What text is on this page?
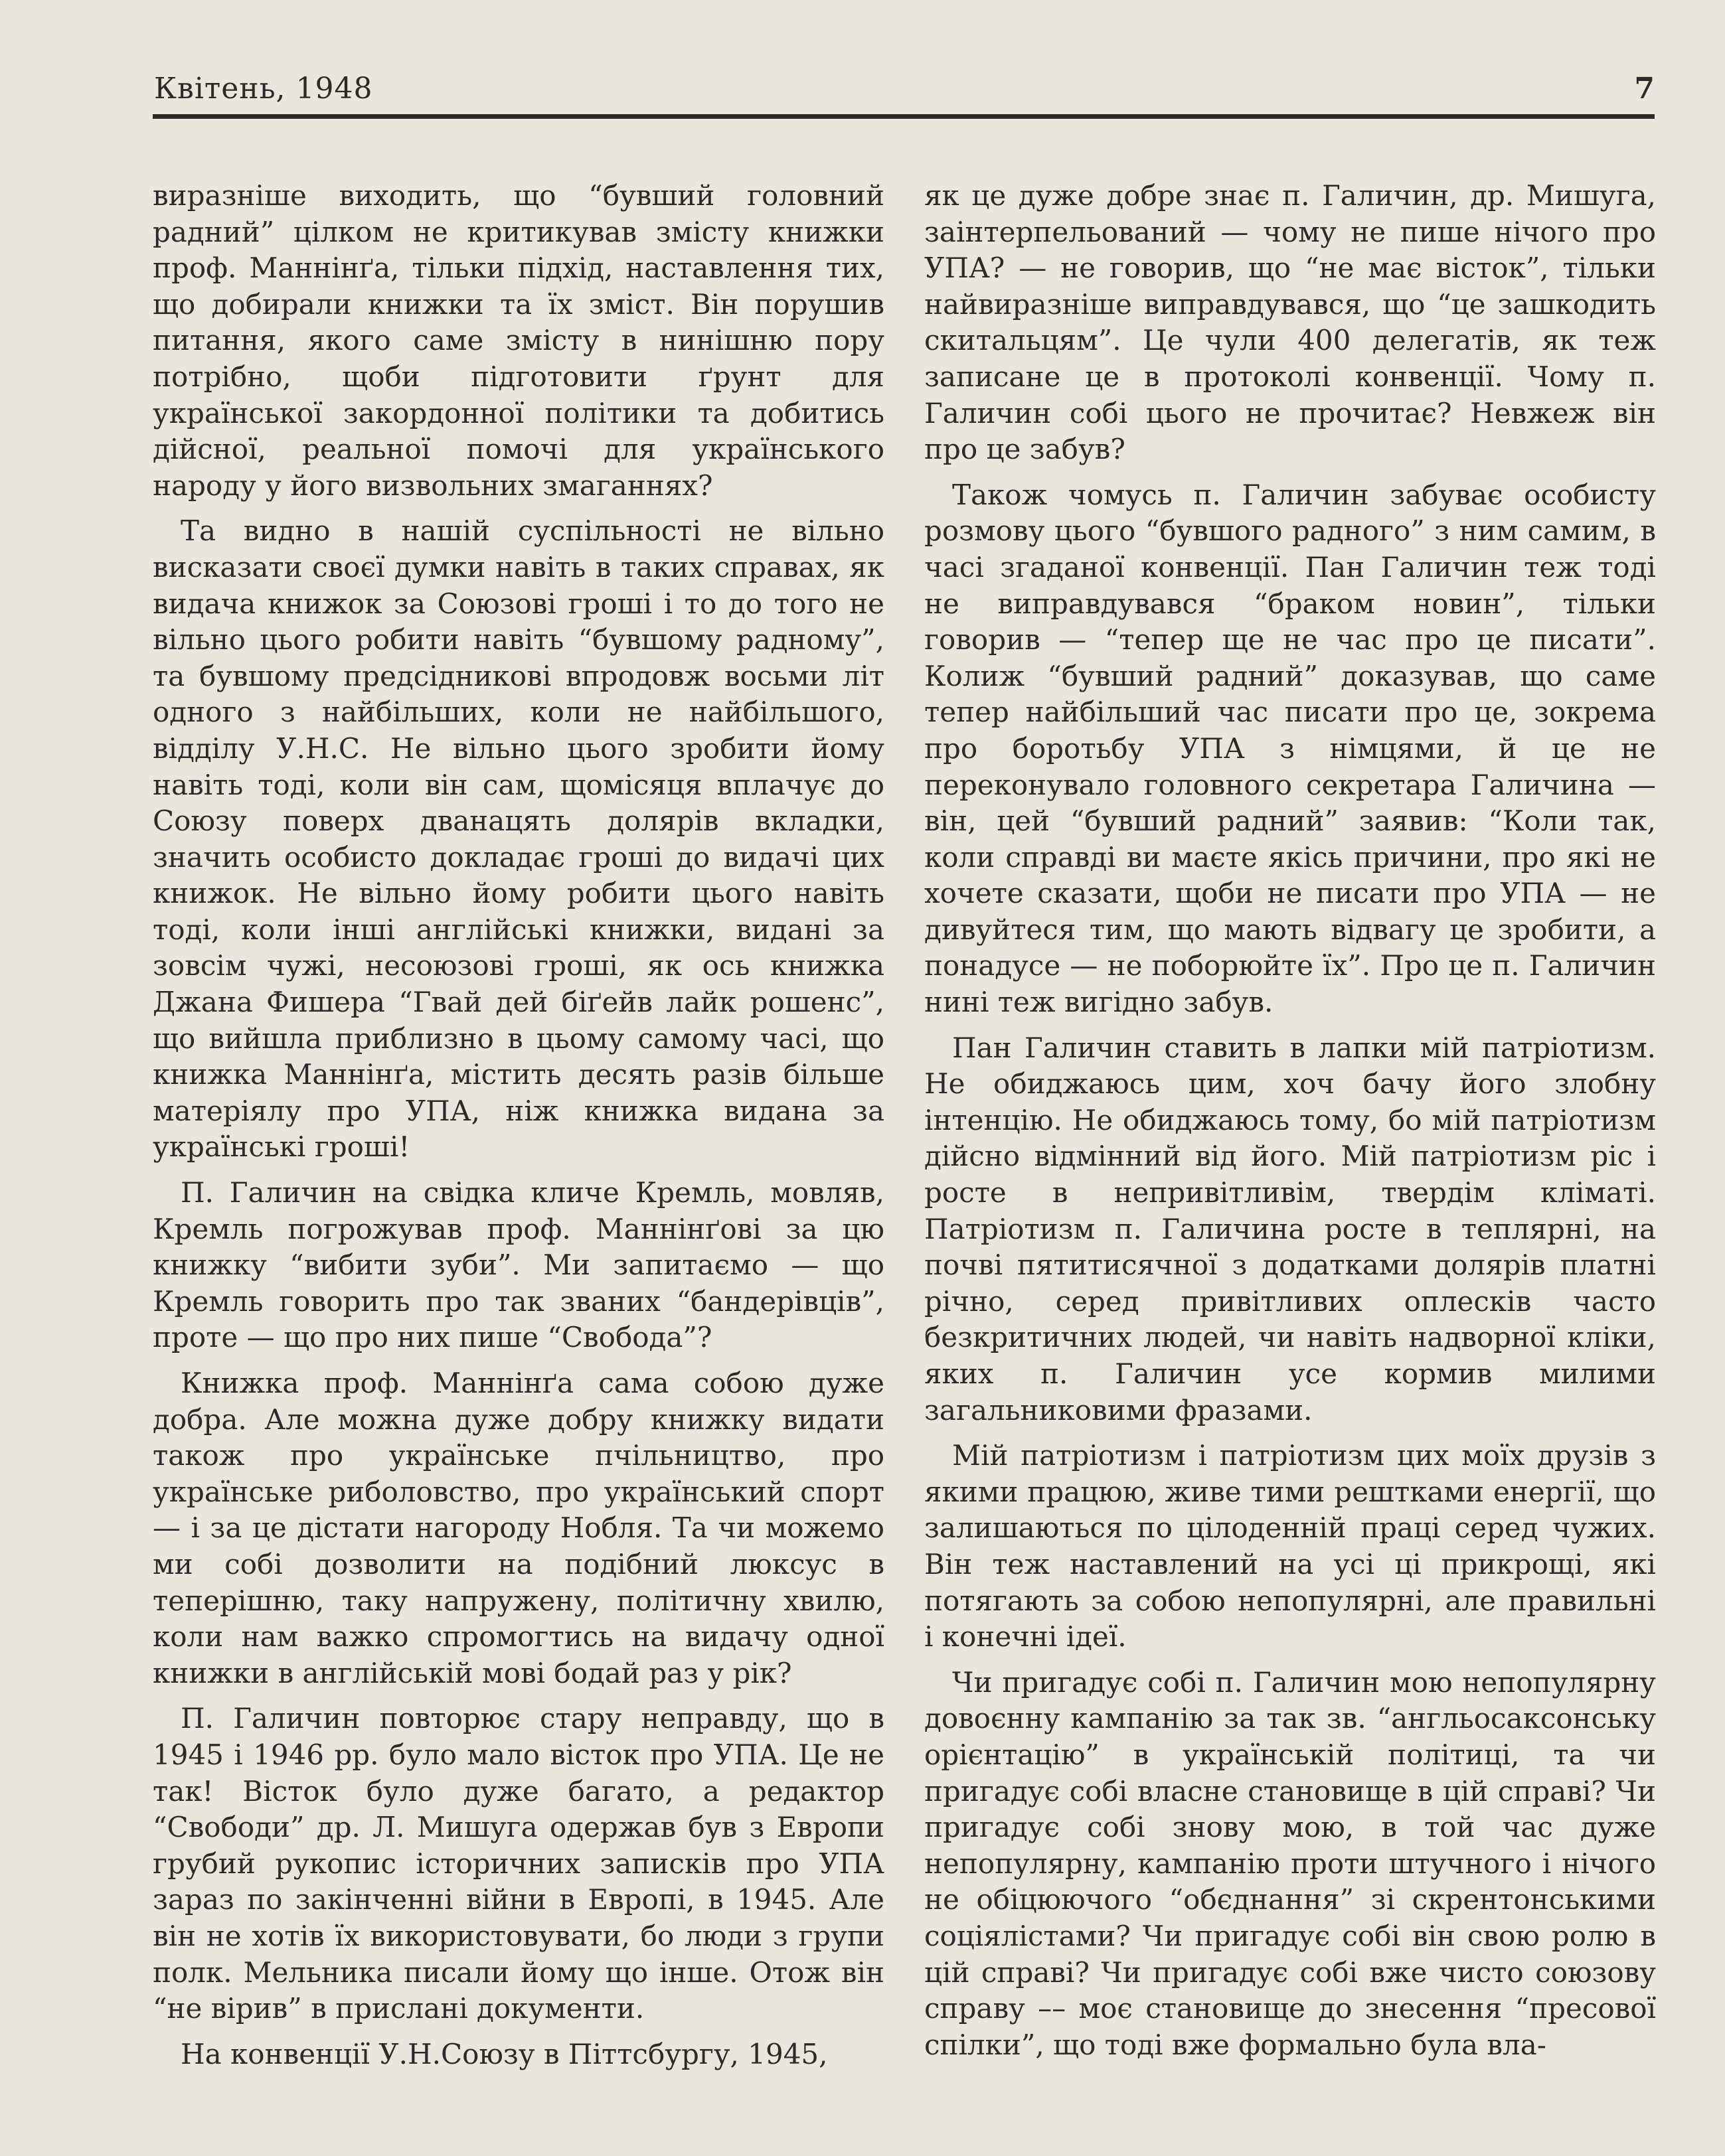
Квітень, 1948	7

виразніше виходить, що “бувший головний радний” цілком не критикував змісту книжки проф. Маннінґа, тільки підхід, наставлення тих, що добирали книжки та їх зміст. Він порушив питання, якого саме змісту в нинішню пору потрібно, щоби підготовити ґрунт для української закордонної політики та добитись дійсної, реальної помочі для українського народу у його визвольних змаганнях?

Та видно в нашій суспільності не вільно висказати своєї думки навіть в таких справах, як видача книжок за Союзові гроші і то до того не вільно цього робити навіть “бувшому радному”, та бувшому предсідникові впродовж восьми літ одного з найбільших, коли не найбільшого, відділу У.Н.С. Не вільно цього зробити йому навіть тоді, коли він сам, щомісяця вплачує до Союзу поверх дванацять долярів вкладки, значить особисто докладає гроші до видачі цих книжок. Не вільно йому робити цього навіть тоді, коли інші англійські книжки, видані за зовсім чужі, несоюзові гроші, як ось книжка Джана Фишера “Гвай дей біґейв лайк рошенс”, що вийшла приблизно в цьому самому часі, що книжка Маннінґа, містить десять разів більше матеріялу про УПА, ніж книжка видана за українські гроші!

П. Галичин на свідка кличе Кремль, мовляв, Кремль погрожував проф. Маннінґові за цю книжку “вибити зуби”. Ми запитаємо — що Кремль говорить про так званих “бандерівців”, проте — що про них пише “Свобода”?

Книжка проф. Маннінґа сама собою дуже добра. Але можна дуже добру книжку видати також про українське пчільництво, про українське риболовство, про український спорт — і за це дістати нагороду Нобля. Та чи можемо ми собі дозволити на подібний люксус в теперішню, таку напружену, політичну хвилю, коли нам важко спромогтись на видачу одної книжки в англійській мові бодай раз у рік?

П. Галичин повторює стару неправду, що в 1945 і 1946 рр. було мало вісток про УПА. Це не так! Вісток було дуже багато, а редактор “Свободи” др. Л. Мишуга одержав був з Европи грубий рукопис історичних записків про УПА зараз по закінченні війни в Европі, в 1945. Але він не хотів їх використовувати, бо люди з групи полк. Мельника писали йому що інше. Отож він “не вірив” в прислані документи.

На конвенції У.Н.Союзу в Піттсбургу, 1945,

як це дуже добре знає п. Галичин, др. Мишуга, заінтерпельований — чому не пише нічого про УПА? — не говорив, що “не має вісток”, тільки найвиразніше виправдувався, що “це зашкодить скитальцям”. Це чули 400 делегатів, як теж записане це в протоколі конвенції. Чому п. Галичин собі цього не прочитає? Невжеж він про це забув?

Також чомусь п. Галичин забуває особисту розмову цього “бувшого радного” з ним самим, в часі згаданої конвенції. Пан Галичин теж тоді не виправдувався “браком новин”, тільки говорив — “тепер ще не час про це писати”. Колиж “бувший радний” доказував, що саме тепер найбільший час писати про це, зокрема про боротьбу УПА з німцями, й це не переконувало головного секретара Галичина — він, цей “бувший радний” заявив: “Коли так, коли справді ви маєте якісь причини, про які не хочете сказати, щоби не писати про УПА — не дивуйтеся тим, що мають відвагу це зробити, а понадусе — не поборюйте їх”. Про це п. Галичин нині теж вигідно забув.

Пан Галичин ставить в лапки мій патріотизм. Не обиджаюсь цим, хоч бачу його злобну інтенцію. Не обиджаюсь тому, бо мій патріотизм дійсно відмінний від його. Мій патріотизм ріс і росте в непривітливім, твердім кліматі. Патріотизм п. Галичина росте в теплярні, на почві пятитисячної з додатками долярів платні річно, серед привітливих оплесків часто безкритичних людей, чи навіть надворної кліки, яких п. Галичин усе кормив милими загальниковими фразами.

Мій патріотизм і патріотизм цих моїх друзів з якими працюю, живе тими рештками енергії, що залишаються по цілоденній праці серед чужих. Він теж наставлений на усі ці прикрощі, які потягають за собою непопулярні, але правильні і конечні ідеї.

Чи пригадує собі п. Галичин мою непопулярну довоєнну кампанію за так зв. “англьосаксонську орієнтацію” в українській політиці, та чи пригадує собі власне становище в цій справі? Чи пригадує собі знову мою, в той час дуже непопулярну, кампанію проти штучного і нічого не обіцюючого “обєднання” зі скрентонськими соціялістами? Чи пригадує собі він свою ролю в цій справі? Чи пригадує собі вже чисто союзову справу –– моє становище до знесення “пресової спілки”, що тоді вже формально була вла-
